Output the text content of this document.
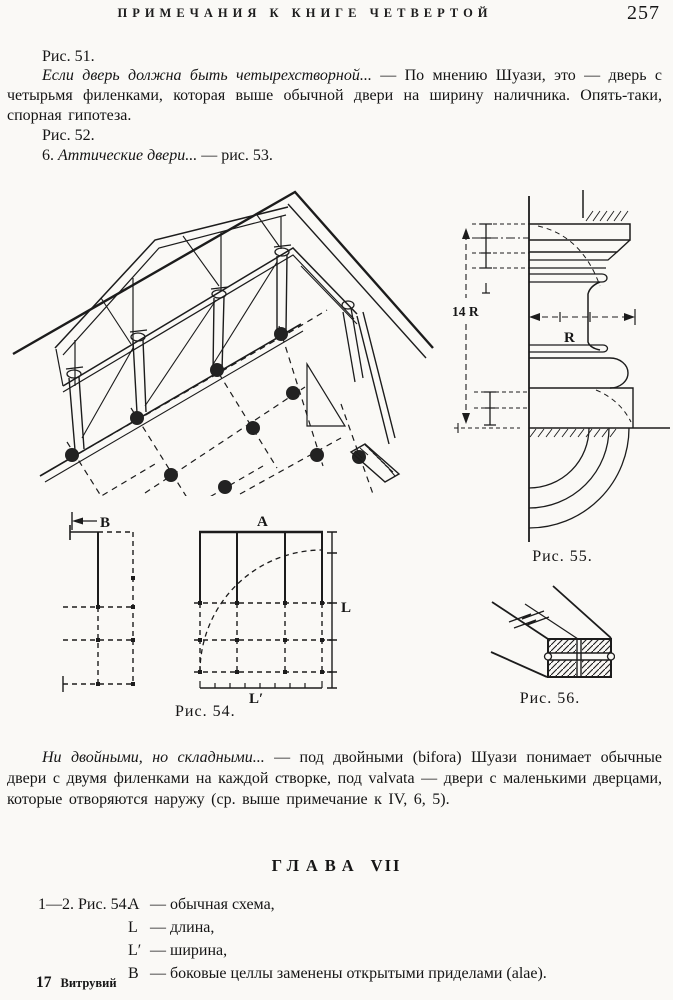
ПРИМЕЧАНИЯ К КНИГЕ ЧЕТВЕРТОЙ	257
Рис. 51.
Если дверь должна быть четырехстворной... — По мнению Шуази, это — дверь с четырьмя филенками, которая выше обычной двери на ширину наличника. Опять-таки, спорная гипотеза.
Рис. 52.
6. Аттические двери... — рис. 53.
R
14 R
Рис. 55.
B	A
L
L′
Рис. 54.
Рис. 56.
Ни двойными, но складными... — под двойными (bifora) Шуази понимает обычные двери с двумя филенками на каждой створке, под valvata — двери с маленькими дверцами, которые отворяются наружу (ср. выше примечание к IV, 6, 5).
ГЛАВА VII
1—2. Рис. 54.
А — обычная схема,
L — длина,
L′ — ширина,
В — боковые целлы заменены открытыми приделами (alae).
17 Витрувий
